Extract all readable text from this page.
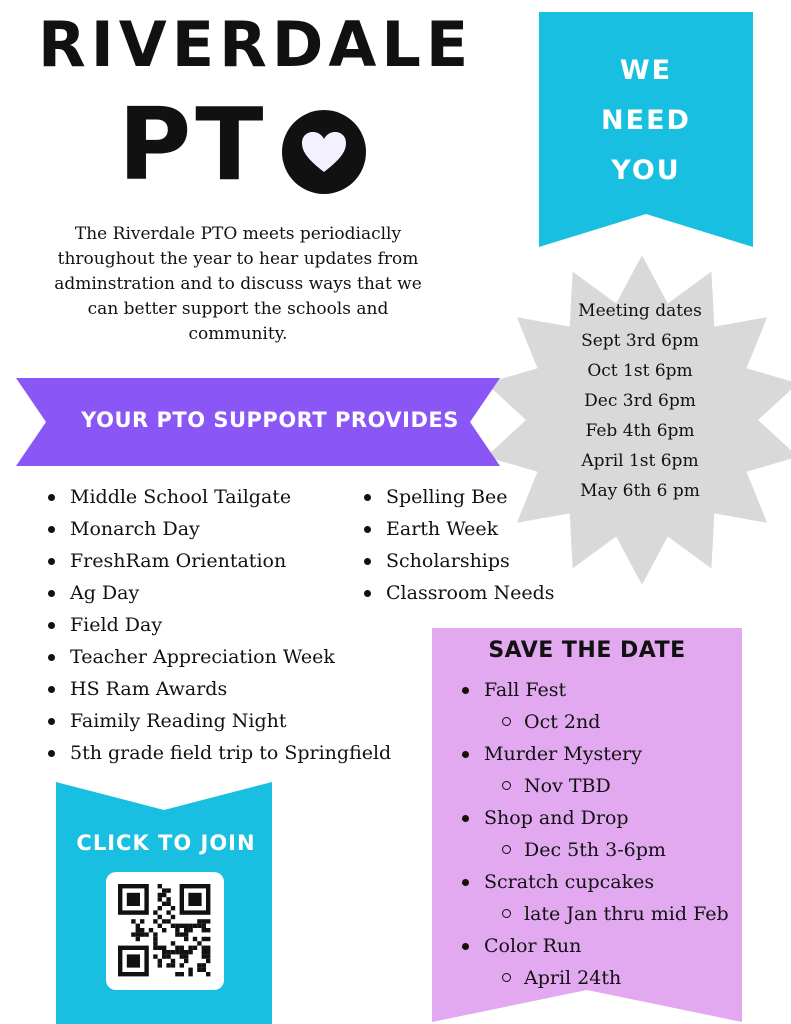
RIVERDALE
PT

The Riverdale PTO meets periodiaclly throughout the year to hear updates from adminstration and to discuss ways that we can better support the schools and community.

WE
NEED
YOU
Meeting dates
Sept 3rd 6pm
Oct 1st 6pm
Dec 3rd 6pm
Feb 4th 6pm
April 1st 6pm
May 6th 6 pm
YOUR PTO SUPPORT PROVIDES
Middle School Tailgate
Monarch Day
FreshRam Orientation
Ag Day
Field Day
Teacher Appreciation Week
HS Ram Awards
Faimily Reading Night
5th grade field trip to Springfield
Spelling Bee
Earth Week
Scholarships
Classroom Needs
SAVE THE DATE
Fall Fest
Oct 2nd
Murder Mystery
Nov TBD
Shop and Drop
Dec 5th 3-6pm
Scratch cupcakes
late Jan thru mid Feb
Color Run
April 24th
CLICK TO JOIN
